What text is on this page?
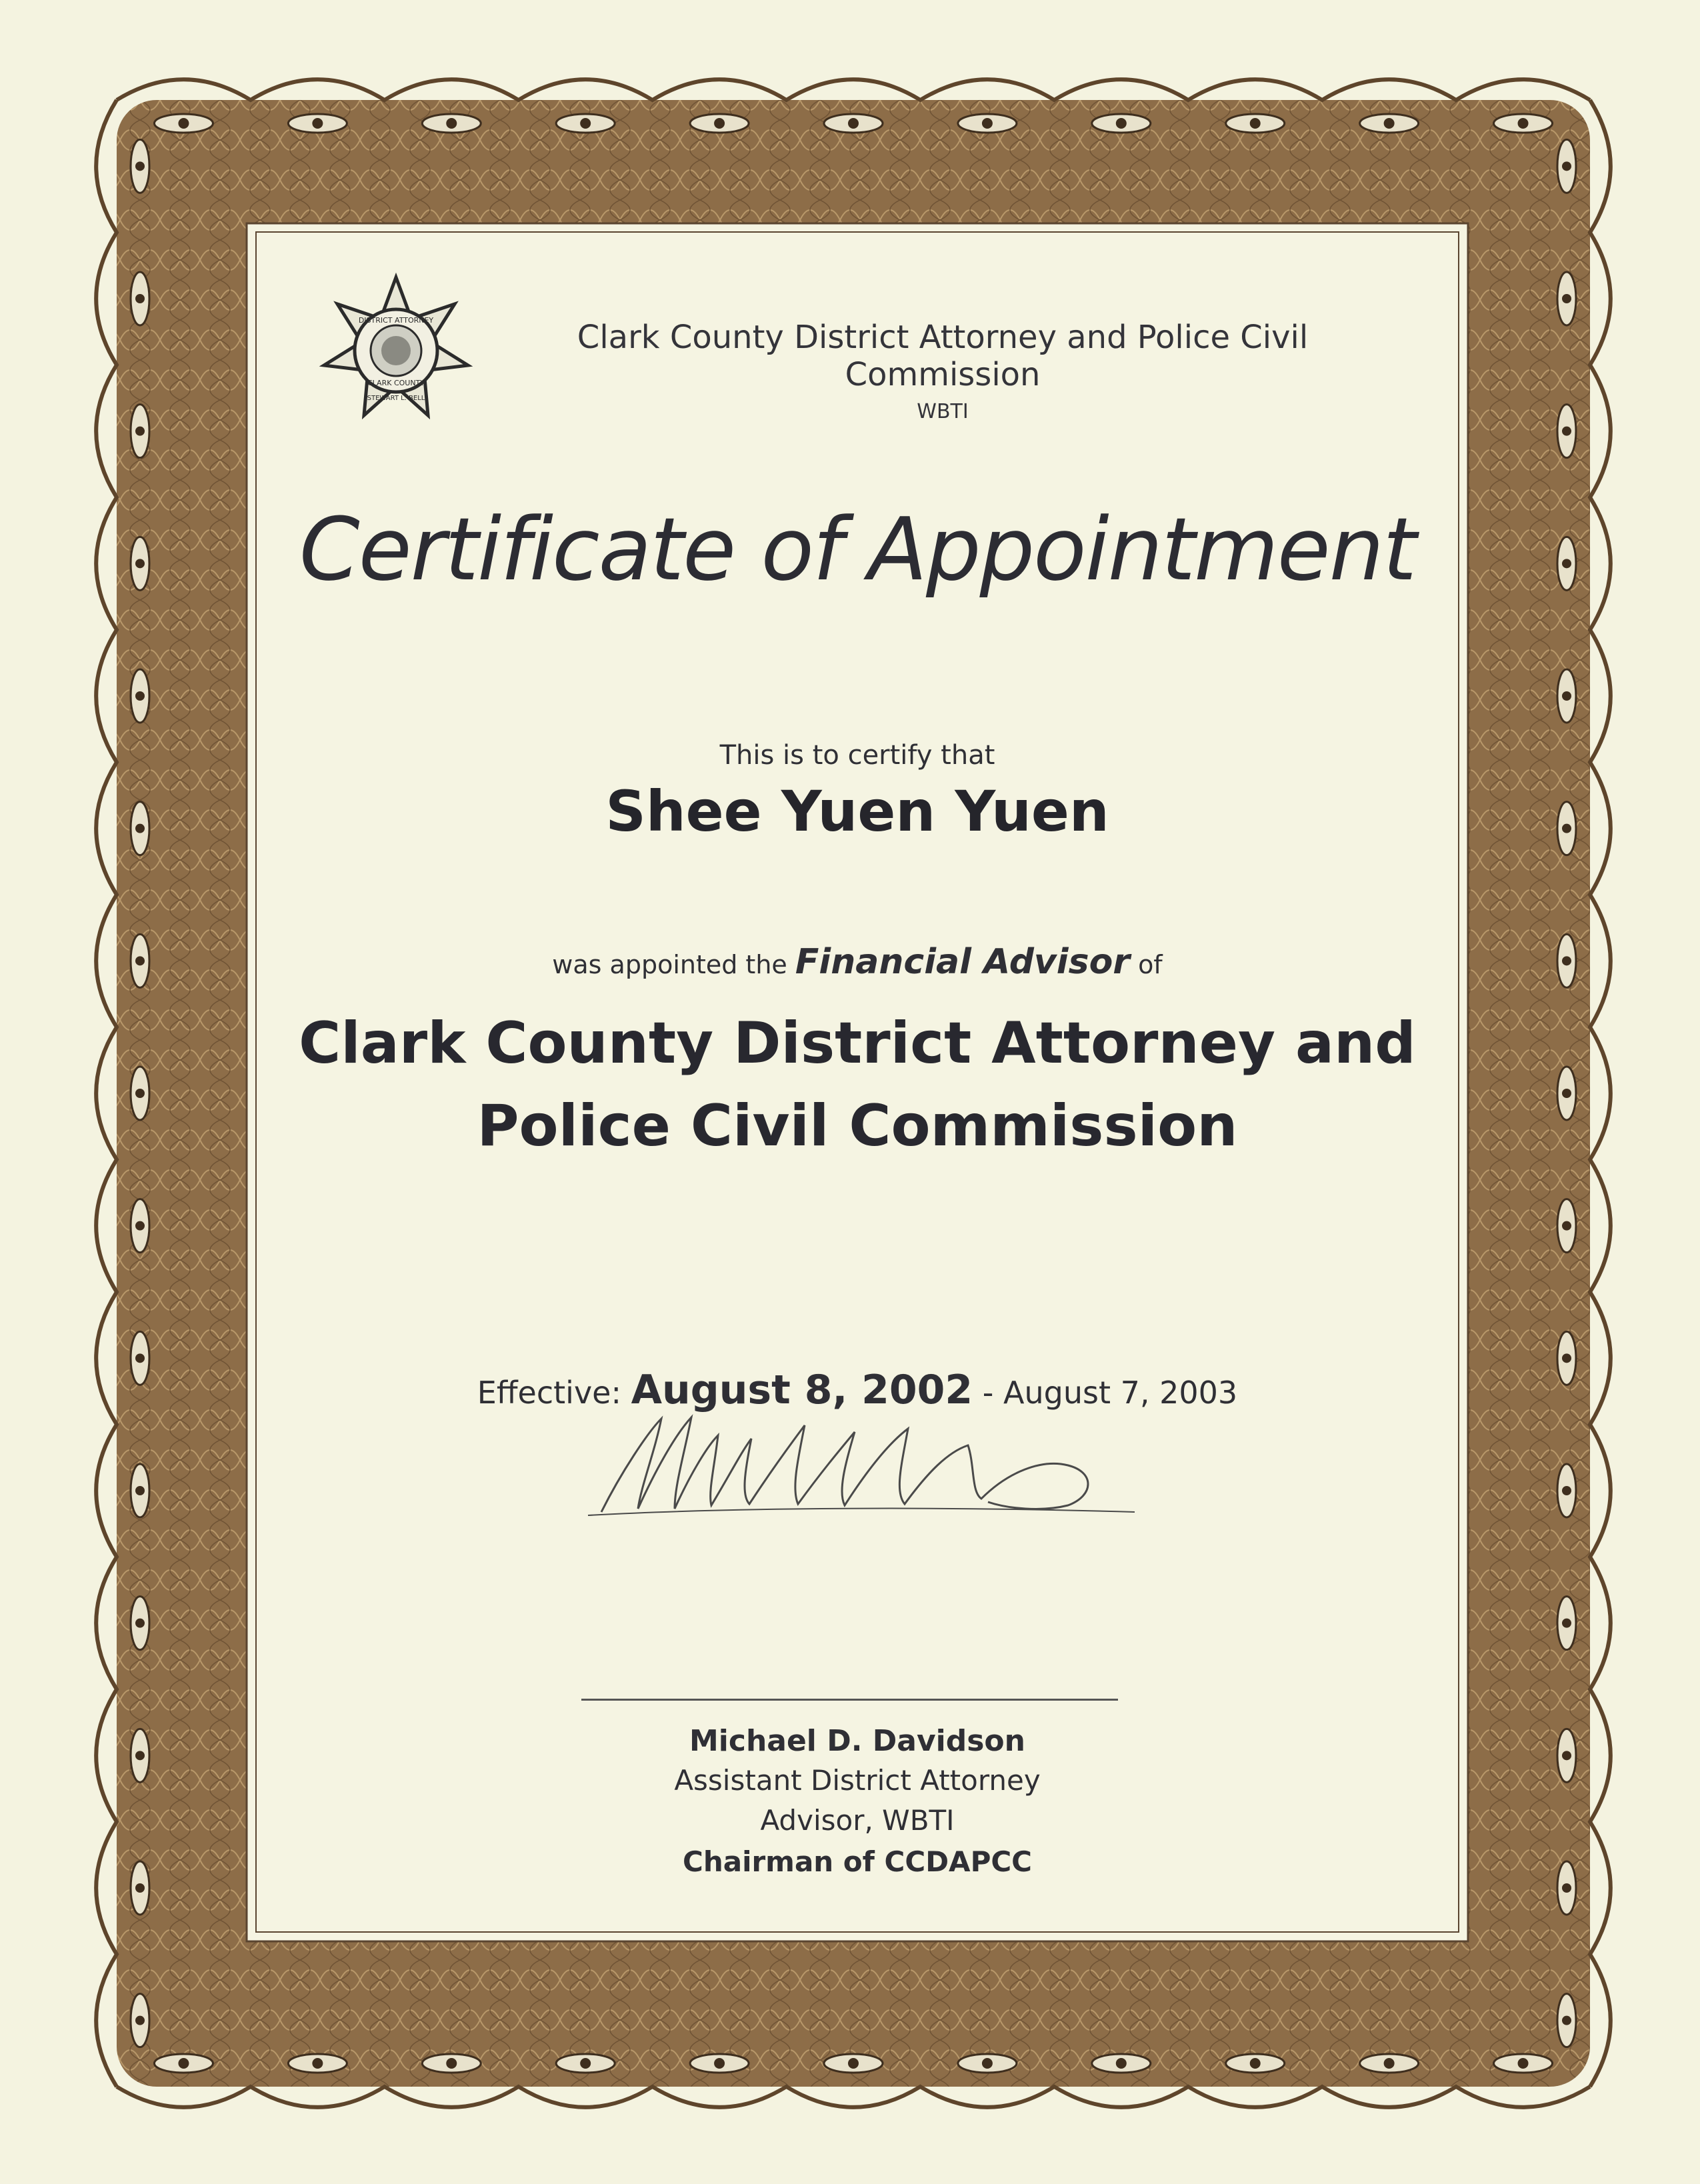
DISTRICT ATTORNEY
CLARK COUNTY
STEWART L. BELL
Clark County District Attorney and Police Civil Commission
WBTI
Certificate of Appointment
This is to certify that
Shee Yuen Yuen
was appointed the Financial Advisor of
Clark County District Attorney and
Police Civil Commission
Effective: August 8, 2002 - August 7, 2003
Michael D. Davidson
Assistant District Attorney
Advisor, WBTI
Chairman of CCDAPCC
